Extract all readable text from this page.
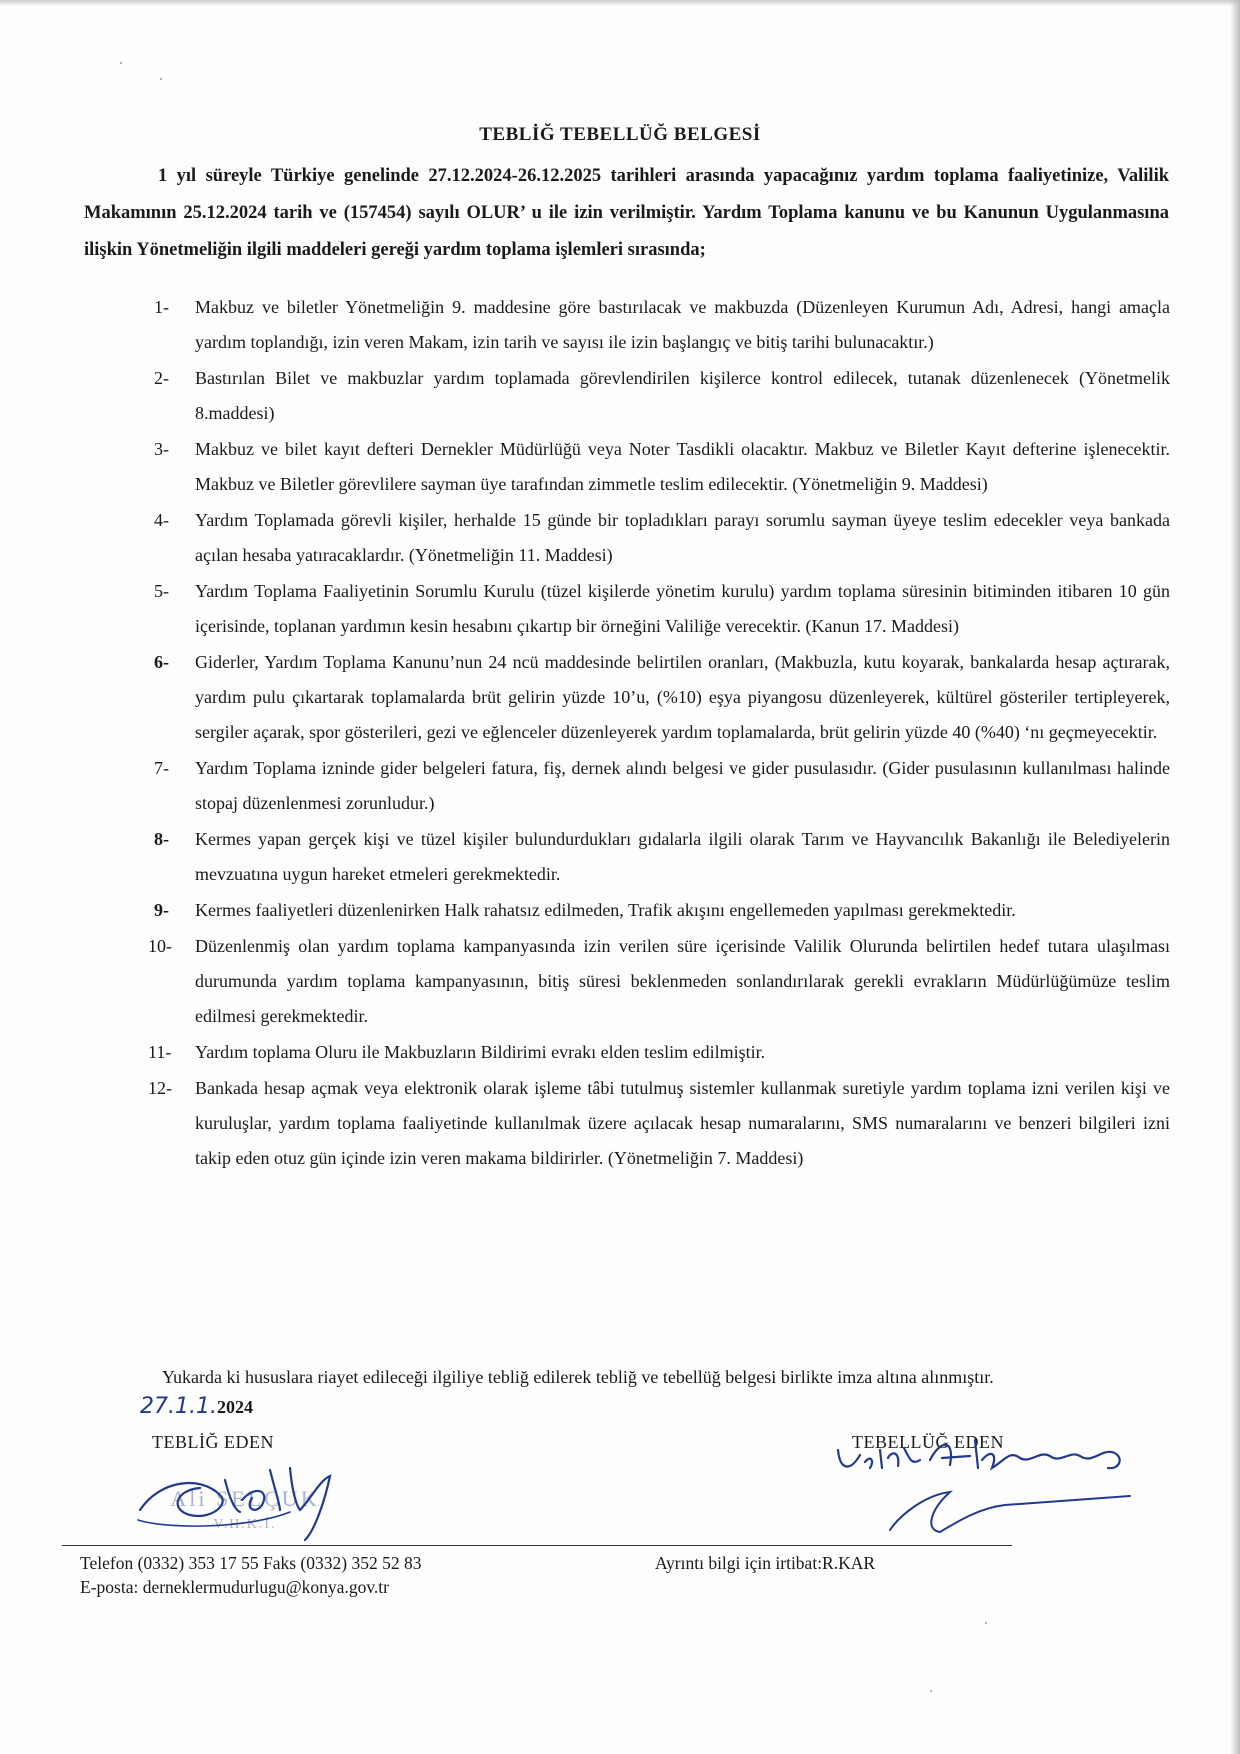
TEBLİĞ TEBELLÜĞ BELGESİ
1 yıl süreyle Türkiye genelinde 27.12.2024-26.12.2025 tarihleri arasında yapacağınız yardım toplama faaliyetinize, Valilik Makamının 25.12.2024 tarih ve (157454) sayılı OLUR’ u ile izin verilmiştir. Yardım Toplama kanunu ve bu Kanunun Uygulanmasına ilişkin Yönetmeliğin ilgili maddeleri gereği yardım toplama işlemleri sırasında;
1- Makbuz ve biletler Yönetmeliğin 9. maddesine göre bastırılacak ve makbuzda (Düzenleyen Kurumun Adı, Adresi, hangi amaçla yardım toplandığı, izin veren Makam, izin tarih ve sayısı ile izin başlangıç ve bitiş tarihi bulunacaktır.)
2- Bastırılan Bilet ve makbuzlar yardım toplamada görevlendirilen kişilerce kontrol edilecek, tutanak düzenlenecek (Yönetmelik 8.maddesi)
3- Makbuz ve bilet kayıt defteri Dernekler Müdürlüğü veya Noter Tasdikli olacaktır. Makbuz ve Biletler Kayıt defterine işlenecektir. Makbuz ve Biletler görevlilere sayman üye tarafından zimmetle teslim edilecektir. (Yönetmeliğin 9. Maddesi)
4- Yardım Toplamada görevli kişiler, herhalde 15 günde bir topladıkları parayı sorumlu sayman üyeye teslim edecekler veya bankada açılan hesaba yatıracaklardır. (Yönetmeliğin 11. Maddesi)
5- Yardım Toplama Faaliyetinin Sorumlu Kurulu (tüzel kişilerde yönetim kurulu) yardım toplama süresinin bitiminden itibaren 10 gün içerisinde, toplanan yardımın kesin hesabını çıkartıp bir örneğini Valiliğe verecektir. (Kanun 17. Maddesi)
6- Giderler, Yardım Toplama Kanunu’nun 24 ncü maddesinde belirtilen oranları, (Makbuzla, kutu koyarak, bankalarda hesap açtırarak, yardım pulu çıkartarak toplamalarda brüt gelirin yüzde 10’u, (%10) eşya piyangosu düzenleyerek, kültürel gösteriler tertipleyerek, sergiler açarak, spor gösterileri, gezi ve eğlenceler düzenleyerek yardım toplamalarda, brüt gelirin yüzde 40 (%40) ‘nı geçmeyecektir.
7- Yardım Toplama izninde gider belgeleri fatura, fiş, dernek alındı belgesi ve gider pusulasıdır. (Gider pusulasının kullanılması halinde stopaj düzenlenmesi zorunludur.)
8- Kermes yapan gerçek kişi ve tüzel kişiler bulundurdukları gıdalarla ilgili olarak Tarım ve Hayvancılık Bakanlığı ile Belediyelerin mevzuatına uygun hareket etmeleri gerekmektedir.
9- Kermes faaliyetleri düzenlenirken Halk rahatsız edilmeden, Trafik akışını engellemeden yapılması gerekmektedir.
10- Düzenlenmiş olan yardım toplama kampanyasında izin verilen süre içerisinde Valilik Olurunda belirtilen hedef tutara ulaşılması durumunda yardım toplama kampanyasının, bitiş süresi beklenmeden sonlandırılarak gerekli evrakların Müdürlüğümüze teslim edilmesi gerekmektedir.
11- Yardım toplama Oluru ile Makbuzların Bildirimi evrakı elden teslim edilmiştir.
12- Bankada hesap açmak veya elektronik olarak işleme tâbi tutulmuş sistemler kullanmak suretiyle yardım toplama izni verilen kişi ve kuruluşlar, yardım toplama faaliyetinde kullanılmak üzere açılacak hesap numaralarını, SMS numaralarını ve benzeri bilgileri izni takip eden otuz gün içinde izin veren makama bildirirler. (Yönetmeliğin 7. Maddesi)
Yukarda ki hususlara riayet edileceği ilgiliye tebliğ edilerek tebliğ ve tebellüğ belgesi birlikte imza altına alınmıştır.
27.1.1.2024
TEBLİĞ EDEN
Ali SELÇUK
V.H.K.İ.
TEBELLÜĞ EDEN
Telefon (0332) 353 17 55 Faks (0332) 352 52 83
E-posta: derneklermudurlugu@konya.gov.tr
Ayrıntı bilgi için irtibat:R.KAR
